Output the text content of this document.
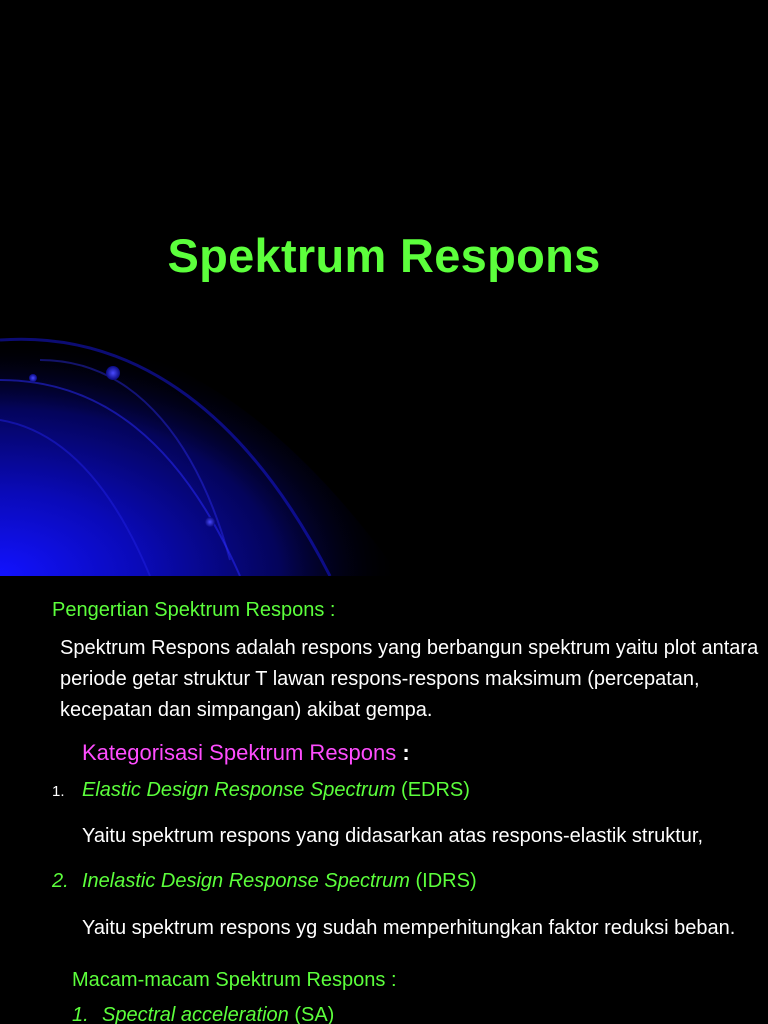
Spektrum Respons
Pengertian Spektrum Respons :
Spektrum Respons adalah respons yang berbangun spektrum yaitu plot antara periode getar struktur T lawan respons-respons maksimum (percepatan, kecepatan dan simpangan) akibat gempa.
Kategorisasi Spektrum Respons :
1. Elastic Design Response Spectrum (EDRS)
Yaitu spektrum respons yang didasarkan atas respons-elastik struktur,
2. Inelastic Design Response Spectrum (IDRS)
Yaitu spektrum respons yg sudah memperhitungkan faktor reduksi beban.
Macam-macam Spektrum Respons :
1. Spectral acceleration (SA)
